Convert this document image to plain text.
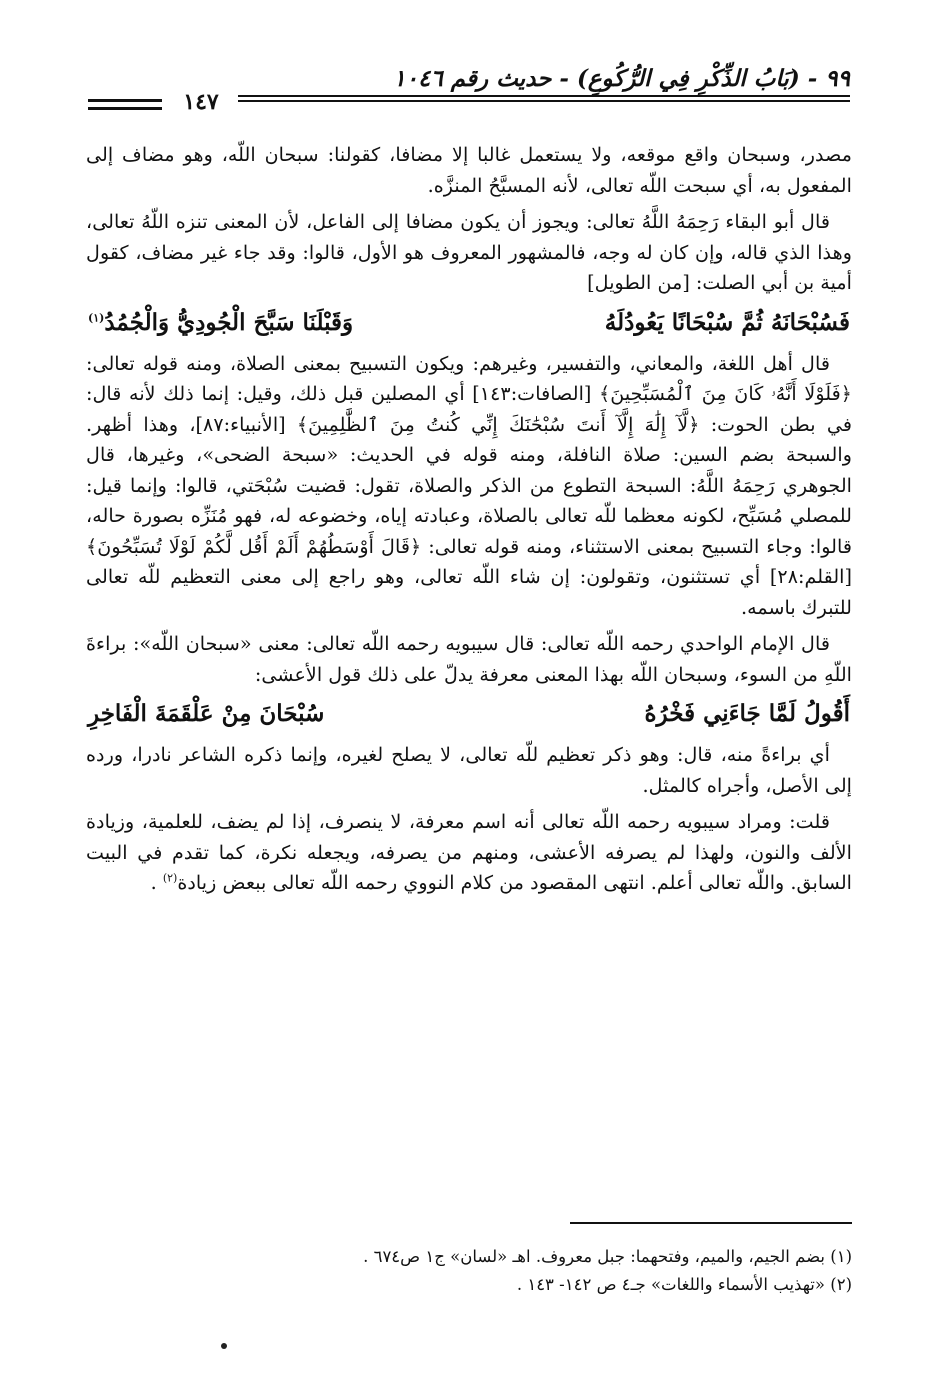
٩٩ - (بَابُ الذِّكْرِ فِي الرُّكُوعِ) - حديث رقم ١٠٤٦
١٤٧

مصدر، وسبحان واقع موقعه، ولا يستعمل غالبا إلا مضافا، كقولنا: سبحان اللّه، وهو مضاف إلى المفعول به، أي سبحت اللّه تعالى، لأنه المسبَّحُ المنزَّه.

قال أبو البقاء رَحِمَهُ اللَّهُ تعالى: ويجوز أن يكون مضافا إلى الفاعل، لأن المعنى تنزه اللّهُ تعالى، وهذا الذي قاله، وإن كان له وجه، فالمشهور المعروف هو الأول، قالوا: وقد جاء غير مضاف، كقول أمية بن أبي الصلت: [من الطويل]

فَسُبْحَانَهُ ثُمَّ سُبْحَانًا يَعُودُلَهُ
وَقَبْلَنَا سَبَّحَ الْجُودِيُّ وَالْجُمُدُ$^{(١)}$

قال أهل اللغة، والمعاني، والتفسير، وغيرهم: ويكون التسبيح بمعنى الصلاة، ومنه قوله تعالى: ﴿فَلَوْلَا أَنَّهُۥ كَانَ مِنَ ٱلْمُسَبِّحِينَ﴾ [الصافات:١٤٣] أي المصلين قبل ذلك، وقيل: إنما ذلك لأنه قال: في بطن الحوت: ﴿لَّآ إِلَٰهَ إِلَّآ أَنتَ سُبْحَٰنَكَ إِنِّي كُنتُ مِنَ ٱلظَّٰلِمِينَ﴾ [الأنبياء:٨٧]، وهذا أظهر. والسبحة بضم السين: صلاة النافلة، ومنه قوله في الحديث: «سبحة الضحى»، وغيرها، قال الجوهري رَحِمَهُ اللَّهُ: السبحة التطوع من الذكر والصلاة، تقول: قضيت سُبْحَتي، قالوا: وإنما قيل: للمصلي مُسَبِّح، لكونه معظما للّه تعالى بالصلاة، وعبادته إياه، وخضوعه له، فهو مُنَزِّه بصورة حاله، قالوا: وجاء التسبيح بمعنى الاستثناء، ومنه قوله تعالى: ﴿قَالَ أَوْسَطُهُمْ أَلَمْ أَقُل لَّكُمْ لَوْلَا تُسَبِّحُونَ﴾ [القلم:٢٨] أي تستثنون، وتقولون: إن شاء اللّه تعالى، وهو راجع إلى معنى التعظيم للّه تعالى للتبرك باسمه.

قال الإمام الواحدي رحمه اللّه تعالى: قال سيبويه رحمه اللّه تعالى: معنى «سبحان اللّه»: براءةَ اللّهِ من السوء، وسبحان اللّه بهذا المعنى معرفة يدلّ على ذلك قول الأعشى:

أَقُولُ لَمَّا جَاءَنِي فَخْرُهُ
سُبْحَانَ مِنْ عَلْقَمَةَ الْفَاخِرِ

أي براءةً منه، قال: وهو ذكر تعظيم للّه تعالى، لا يصلح لغيره، وإنما ذكره الشاعر نادرا، ورده إلى الأصل، وأجراه كالمثل.

قلت: ومراد سيبويه رحمه اللّه تعالى أنه اسم معرفة، لا ينصرف، إذا لم يضف، للعلمية، وزيادة الألف والنون، ولهذا لم يصرفه الأعشى، ومنهم من يصرفه، ويجعله نكرة، كما تقدم في البيت السابق. واللّه تعالى أعلم. انتهى المقصود من كلام النووي رحمه اللّه تعالى ببعض زيادة$^{(٢)}$ .

(١) بضم الجيم، والميم، وفتحهما: جبل معروف. اهـ «لسان» ج١ ص٦٧٤ .
(٢) «تهذيب الأسماء واللغات» جـ٤ ص ١٤٢- ١٤٣ .
